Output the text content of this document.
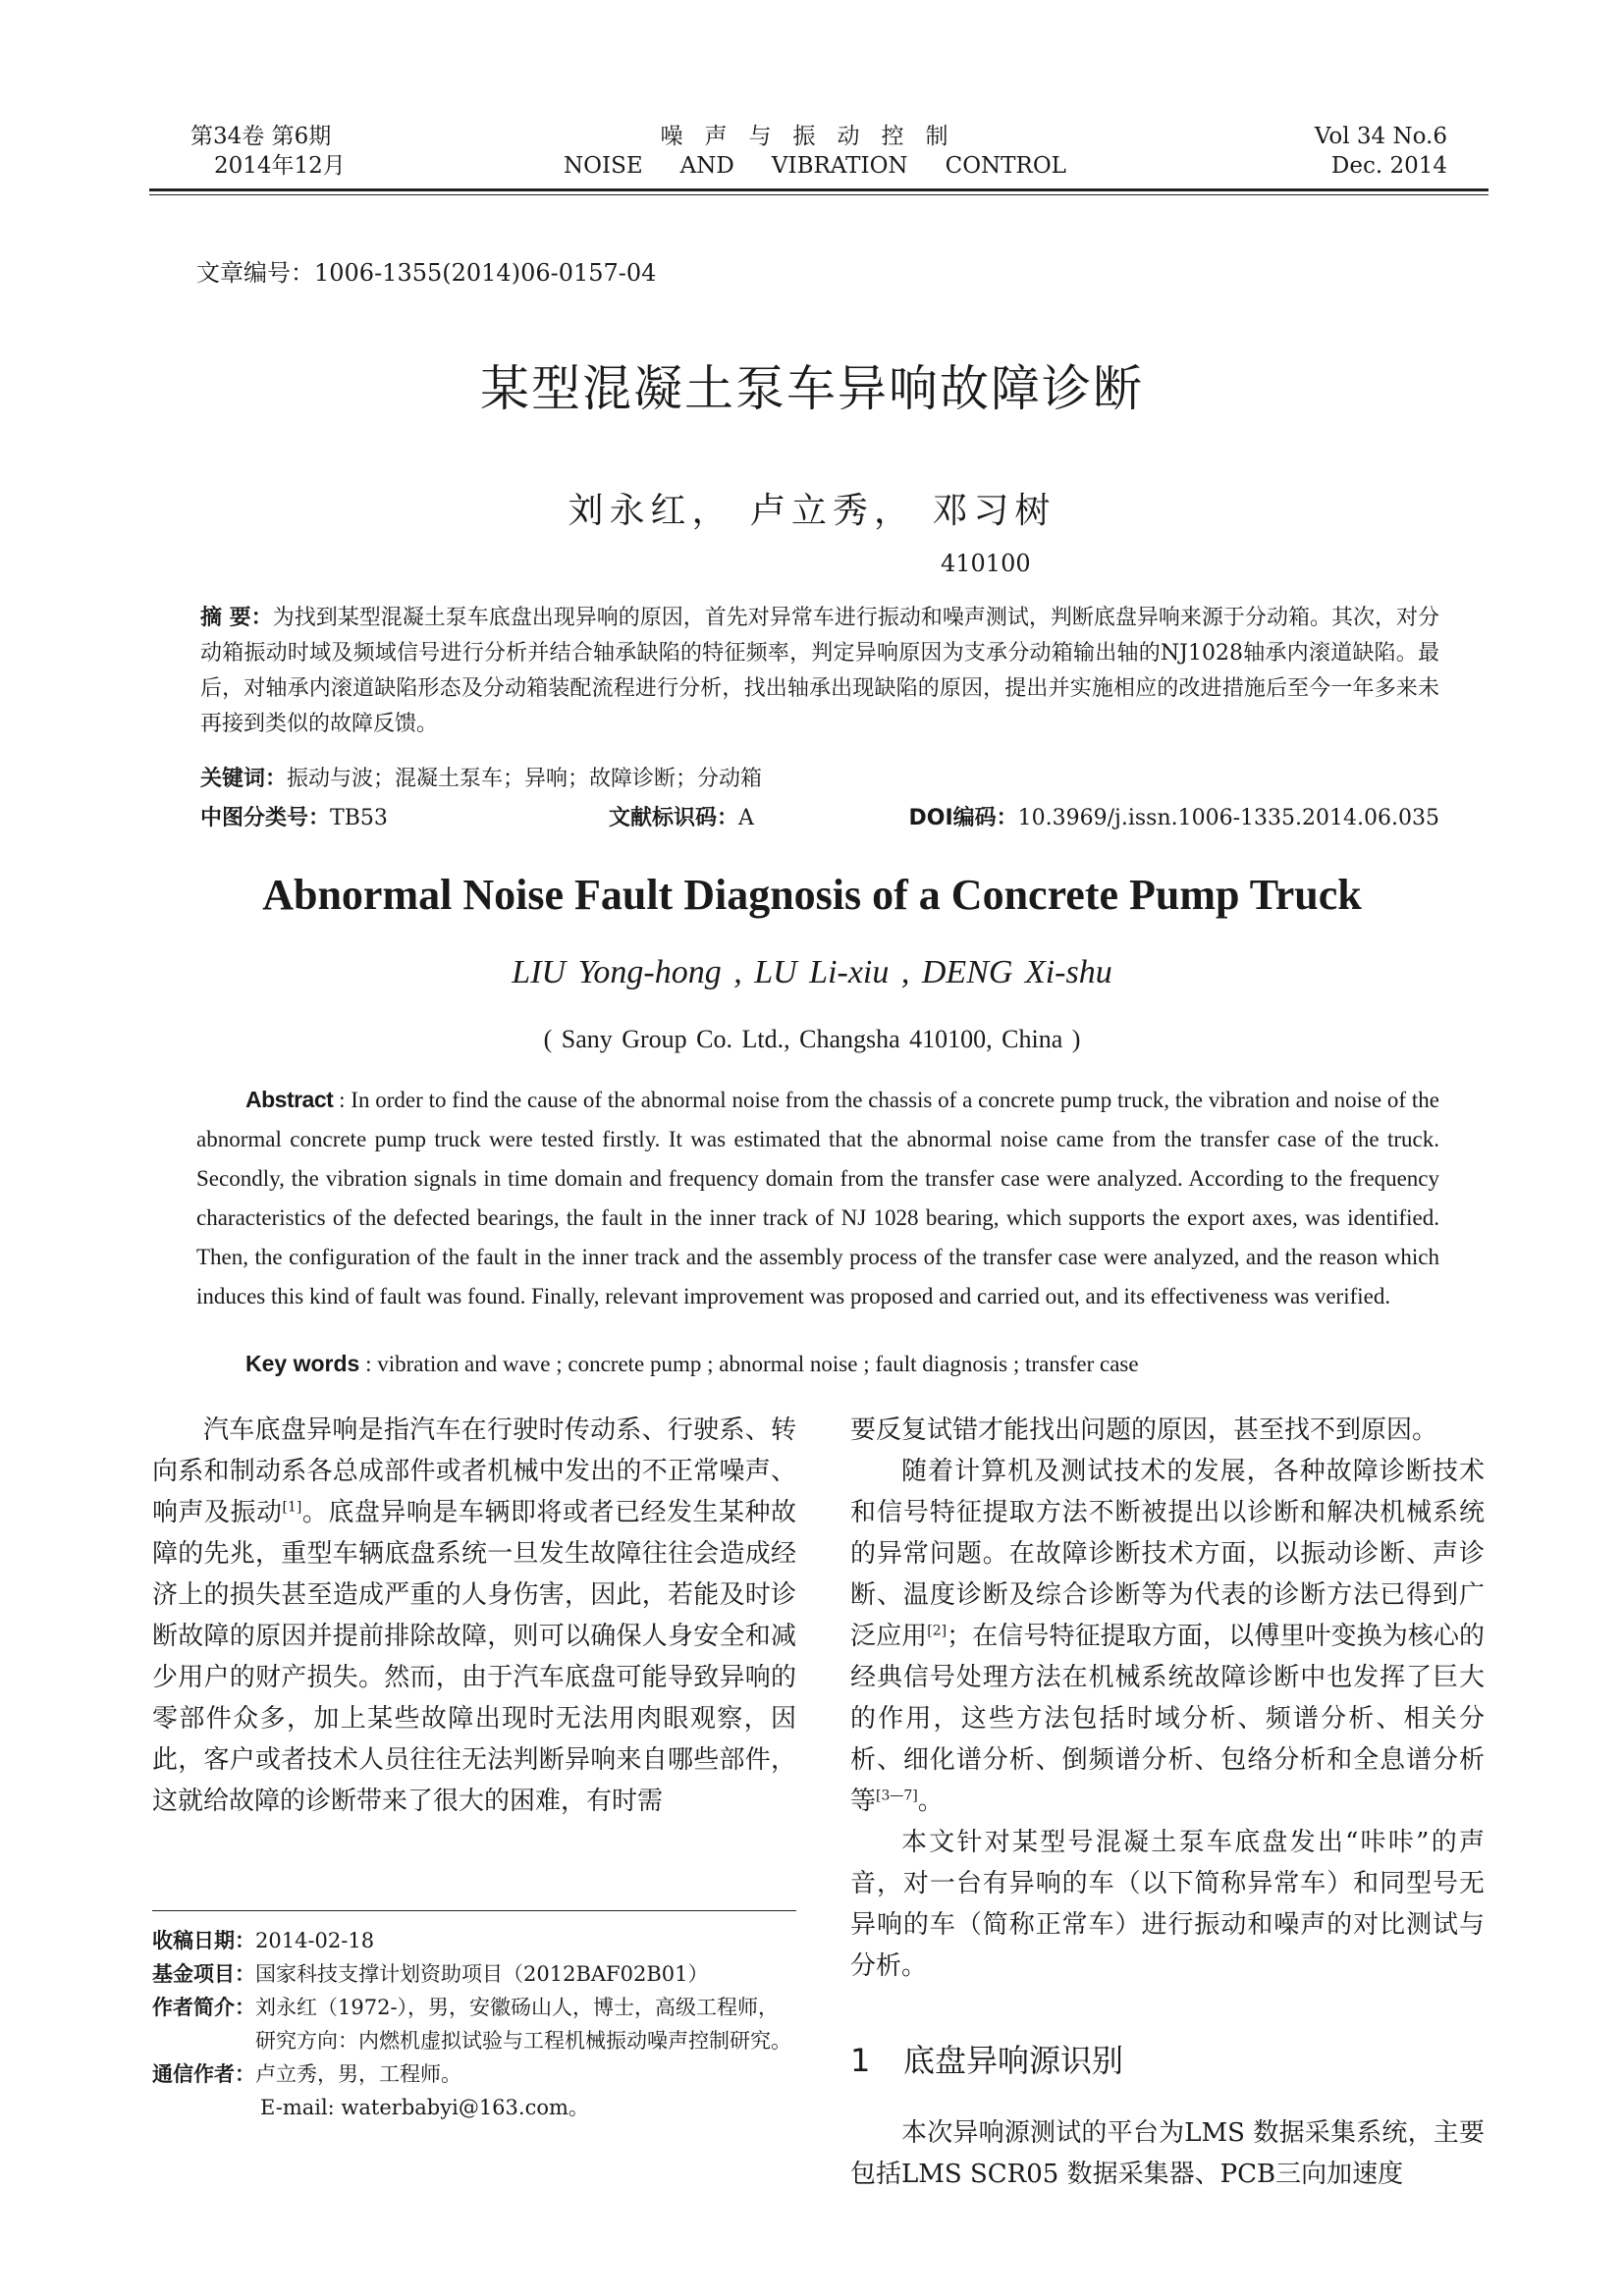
第34卷 第6期
2014年12月
噪声与振动控制
NOISE AND VIBRATION CONTROL
Vol 34 No.6
Dec. 2014
文章编号：1006-1355(2014)06-0157-04
某型混凝土泵车异响故障诊断
刘永红， 卢立秀， 邓习树
410100
摘 要：为找到某型混凝土泵车底盘出现异响的原因，首先对异常车进行振动和噪声测试，判断底盘异响来源于分动箱。其次，对分动箱振动时域及频域信号进行分析并结合轴承缺陷的特征频率，判定异响原因为支承分动箱输出轴的NJ1028轴承内滚道缺陷。最后，对轴承内滚道缺陷形态及分动箱装配流程进行分析，找出轴承出现缺陷的原因，提出并实施相应的改进措施后至今一年多来未再接到类似的故障反馈。
关键词：振动与波；混凝土泵车；异响；故障诊断；分动箱
中图分类号：TB53	文献标识码：A	DOI编码：10.3969/j.issn.1006-1335.2014.06.035
Abnormal Noise Fault Diagnosis of a Concrete Pump Truck
LIU Yong-hong , LU Li-xiu , DENG Xi-shu
( Sany Group Co. Ltd., Changsha 410100, China )
Abstract : In order to find the cause of the abnormal noise from the chassis of a concrete pump truck, the vibration and noise of the abnormal concrete pump truck were tested firstly. It was estimated that the abnormal noise came from the transfer case of the truck. Secondly, the vibration signals in time domain and frequency domain from the transfer case were analyzed. According to the frequency characteristics of the defected bearings, the fault in the inner track of NJ 1028 bearing, which supports the export axes, was identified. Then, the configuration of the fault in the inner track and the assembly process of the transfer case were analyzed, and the reason which induces this kind of fault was found. Finally, relevant improvement was proposed and carried out, and its effectiveness was verified.
Key words : vibration and wave ; concrete pump ; abnormal noise ; fault diagnosis ; transfer case

汽车底盘异响是指汽车在行驶时传动系、行驶系、转向系和制动系各总成部件或者机械中发出的不正常噪声、响声及振动[1]。底盘异响是车辆即将或者已经发生某种故障的先兆，重型车辆底盘系统一旦发生故障往往会造成经济上的损失甚至造成严重的人身伤害，因此，若能及时诊断故障的原因并提前排除故障，则可以确保人身安全和减少用户的财产损失。然而，由于汽车底盘可能导致异响的零部件众多，加上某些故障出现时无法用肉眼观察，因此，客户或者技术人员往往无法判断异响来自哪些部件，这就给故障的诊断带来了很大的困难，有时需

要反复试错才能找出问题的原因，甚至找不到原因。

随着计算机及测试技术的发展，各种故障诊断技术和信号特征提取方法不断被提出以诊断和解决机械系统的异常问题。在故障诊断技术方面，以振动诊断、声诊断、温度诊断及综合诊断等为代表的诊断方法已得到广泛应用[2]；在信号特征提取方面，以傅里叶变换为核心的经典信号处理方法在机械系统故障诊断中也发挥了巨大的作用，这些方法包括时域分析、频谱分析、相关分析、细化谱分析、倒频谱分析、包络分析和全息谱分析等[3—7]。

本文针对某型号混凝土泵车底盘发出“咔咔”的声音，对一台有异响的车（以下简称异常车）和同型号无异响的车（简称正常车）进行振动和噪声的对比测试与分析。

1 底盘异响源识别

本次异响源测试的平台为LMS 数据采集系统，主要包括LMS SCR05 数据采集器、PCB三向加速度

收稿日期： 2014-02-18
基金项目： 国家科技支撑计划资助项目（2012BAF02B01）
作者简介： 刘永红（1972-），男，安徽砀山人，博士，高级工程师，研究方向：内燃机虚拟试验与工程机械振动噪声控制研究。
通信作者： 卢立秀，男，工程师。
E-mail: waterbabyi@163.com。
